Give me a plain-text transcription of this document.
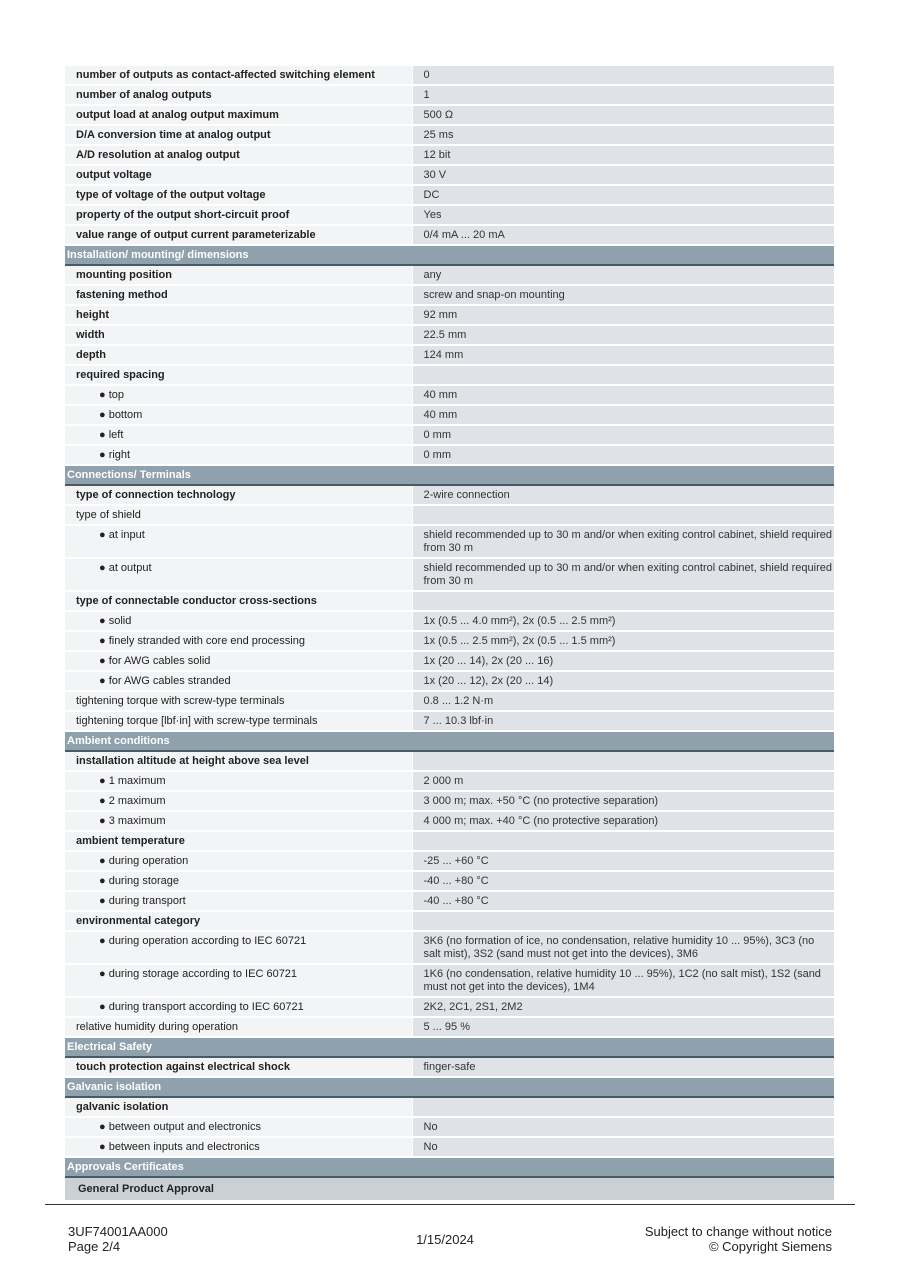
number of outputs as contact-affected switching element	0
number of analog outputs	1
output load at analog output maximum	500 Ω
D/A conversion time at analog output	25 ms
A/D resolution at analog output	12 bit
output voltage	30 V
type of voltage of the output voltage	DC
property of the output short-circuit proof	Yes
value range of output current parameterizable	0/4 mA ... 20 mA
Installation/ mounting/ dimensions	
mounting position	any
fastening method	screw and snap-on mounting
height	92 mm
width	22.5 mm
depth	124 mm
required spacing	
● top	40 mm
● bottom	40 mm
● left	0 mm
● right	0 mm
Connections/ Terminals	
type of connection technology	2-wire connection
type of shield	
● at input	shield recommended up to 30 m and/or when exiting control cabinet, shield required from 30 m
● at output	shield recommended up to 30 m and/or when exiting control cabinet, shield required from 30 m
type of connectable conductor cross-sections	
● solid	1x (0.5 ... 4.0 mm²), 2x (0.5 ... 2.5 mm²)
● finely stranded with core end processing	1x (0.5 ... 2.5 mm²), 2x (0.5 ... 1.5 mm²)
● for AWG cables solid	1x (20 ... 14), 2x (20 ... 16)
● for AWG cables stranded	1x (20 ... 12), 2x (20 ... 14)
tightening torque with screw-type terminals	0.8 ... 1.2 N·m
tightening torque [lbf·in] with screw-type terminals	7 ... 10.3 lbf·in
Ambient conditions	
installation altitude at height above sea level	
● 1 maximum	2 000 m
● 2 maximum	3 000 m; max. +50 °C (no protective separation)
● 3 maximum	4 000 m; max. +40 °C (no protective separation)
ambient temperature	
● during operation	-25 ... +60 °C
● during storage	-40 ... +80 °C
● during transport	-40 ... +80 °C
environmental category	
● during operation according to IEC 60721	3K6 (no formation of ice, no condensation, relative humidity 10 ... 95%), 3C3 (no salt mist), 3S2 (sand must not get into the devices), 3M6
● during storage according to IEC 60721	1K6 (no condensation, relative humidity 10 ... 95%), 1C2 (no salt mist), 1S2 (sand must not get into the devices), 1M4
● during transport according to IEC 60721	2K2, 2C1, 2S1, 2M2
relative humidity during operation	5 ... 95 %
Electrical Safety	
touch protection against electrical shock	finger-safe
Galvanic isolation	
galvanic isolation	
● between output and electronics	No
● between inputs and electronics	No
Approvals Certificates	
General Product Approval	
3UF74001AA000
Page 2/4	1/15/2024
Subject to change without notice
© Copyright Siemens
